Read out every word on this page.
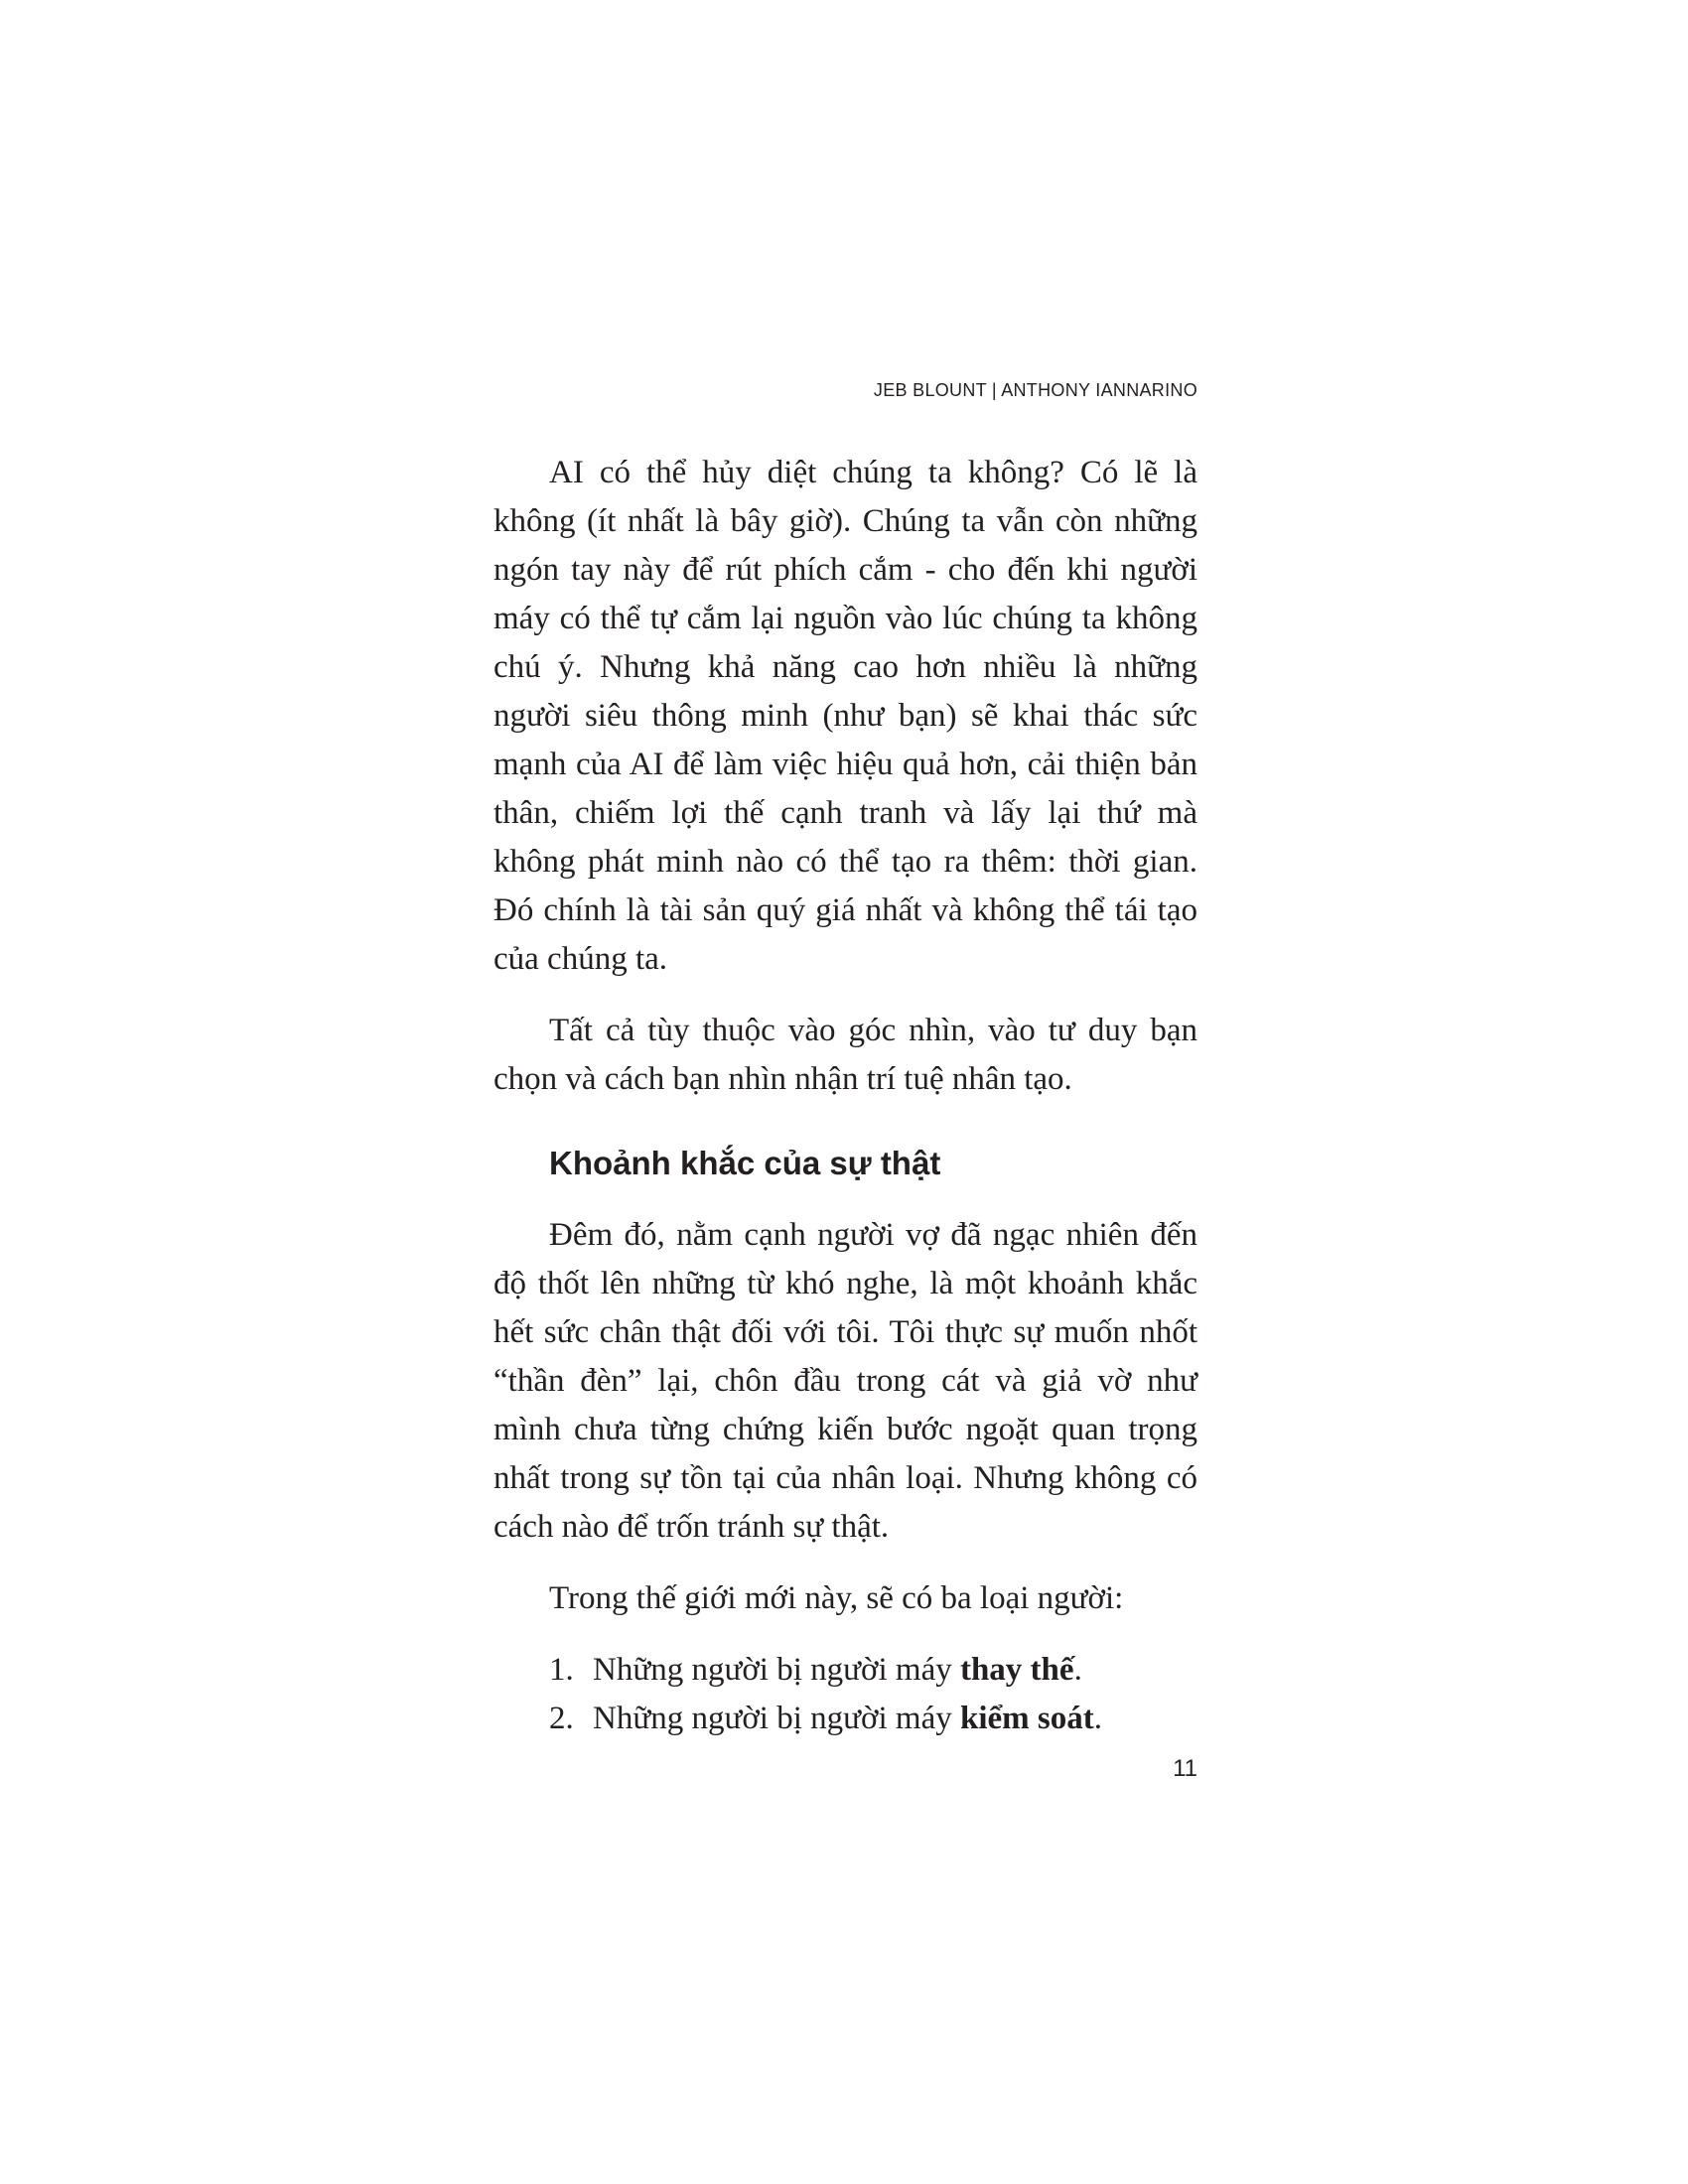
JEB BLOUNT | ANTHONY IANNARINO

AI có thể hủy diệt chúng ta không? Có lẽ là không (ít nhất là bây giờ). Chúng ta vẫn còn những ngón tay này để rút phích cắm - cho đến khi người máy có thể tự cắm lại nguồn vào lúc chúng ta không chú ý. Nhưng khả năng cao hơn nhiều là những người siêu thông minh (như bạn) sẽ khai thác sức mạnh của AI để làm việc hiệu quả hơn, cải thiện bản thân, chiếm lợi thế cạnh tranh và lấy lại thứ mà không phát minh nào có thể tạo ra thêm: thời gian. Đó chính là tài sản quý giá nhất và không thể tái tạo của chúng ta.

Tất cả tùy thuộc vào góc nhìn, vào tư duy bạn chọn và cách bạn nhìn nhận trí tuệ nhân tạo.

Khoảnh khắc của sự thật

Đêm đó, nằm cạnh người vợ đã ngạc nhiên đến độ thốt lên những từ khó nghe, là một khoảnh khắc hết sức chân thật đối với tôi. Tôi thực sự muốn nhốt “thần đèn” lại, chôn đầu trong cát và giả vờ như mình chưa từng chứng kiến bước ngoặt quan trọng nhất trong sự tồn tại của nhân loại. Nhưng không có cách nào để trốn tránh sự thật.

Trong thế giới mới này, sẽ có ba loại người:

1. Những người bị người máy thay thế.
2. Những người bị người máy kiểm soát.
11
